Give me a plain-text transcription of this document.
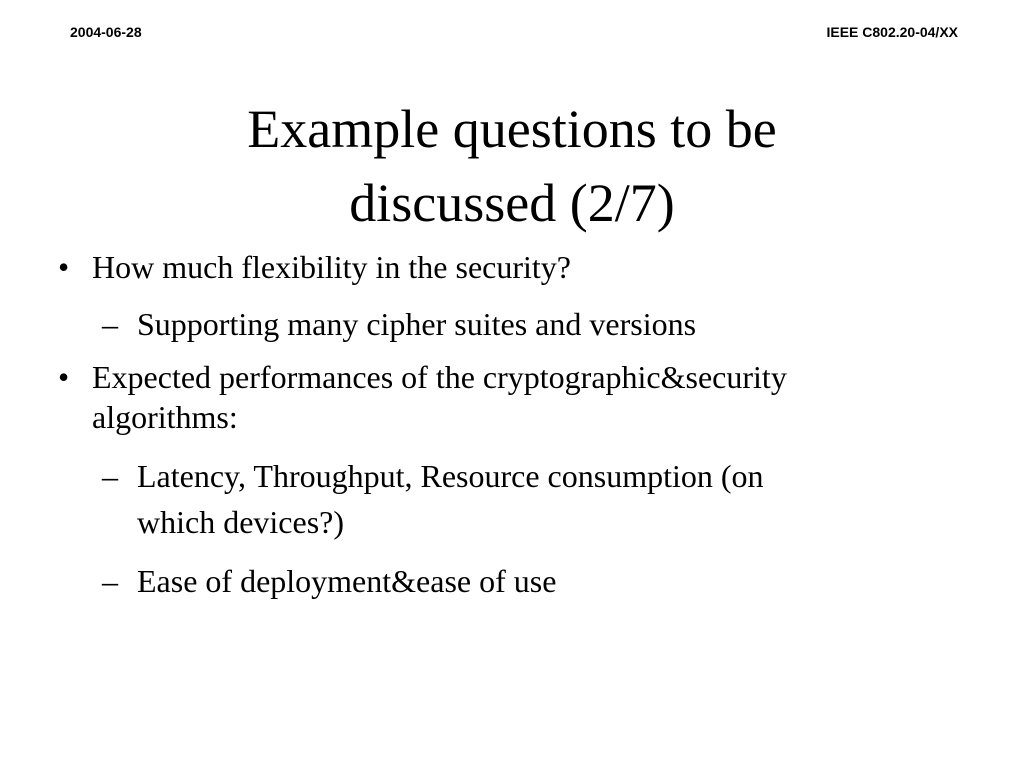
2004-06-28	IEEE C802.20-04/XX
Example questions to be
discussed (2/7)
• How much flexibility in the security?
– Supporting many cipher suites and versions
• Expected performances of the cryptographic&security
algorithms:
– Latency, Throughput, Resource consumption (on
which devices?)
– Ease of deployment&ease of use
